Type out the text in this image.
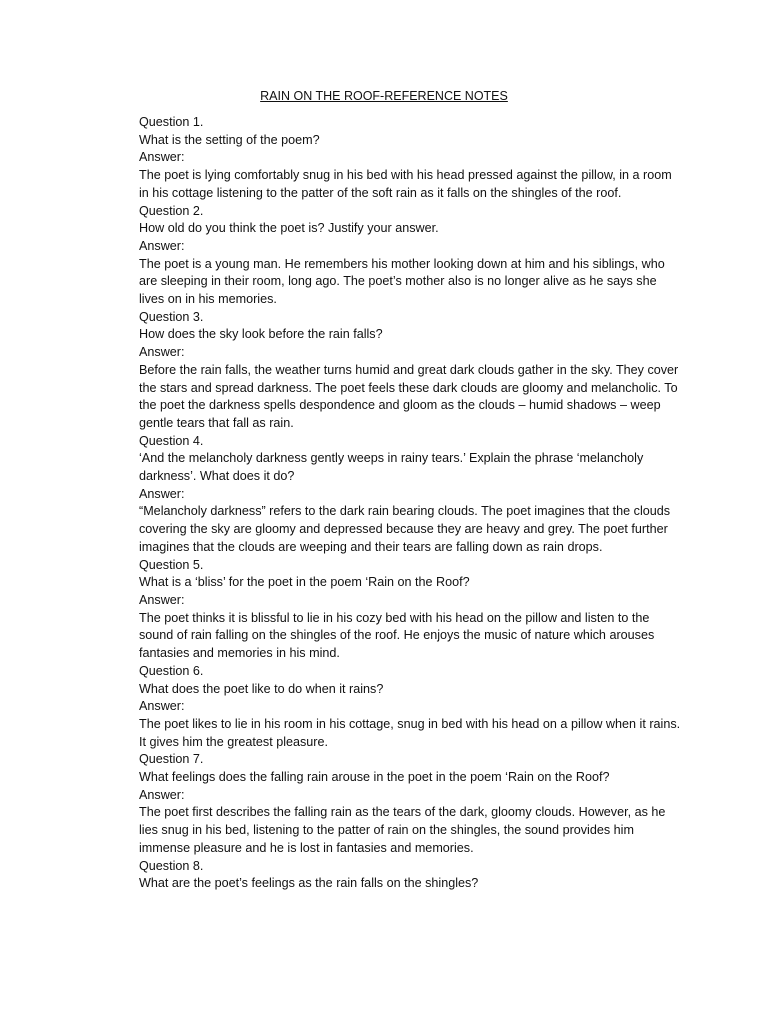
RAIN ON THE ROOF-REFERENCE NOTES

Question 1.

What is the setting of the poem?

Answer:

The poet is lying comfortably snug in his bed with his head pressed against the pillow, in a room in his cottage listening to the patter of the soft rain as it falls on the shingles of the roof.

Question 2.

How old do you think the poet is? Justify your answer.

Answer:

The poet is a young man. He remembers his mother looking down at him and his siblings, who are sleeping in their room, long ago. The poet’s mother also is no longer alive as he says she lives on in his memories.

Question 3.

How does the sky look before the rain falls?

Answer:

Before the rain falls, the weather turns humid and great dark clouds gather in the sky. They cover the stars and spread darkness. The poet feels these dark clouds are gloomy and melancholic. To the poet the darkness spells despondence and gloom as the clouds – humid shadows – weep gentle tears that fall as rain.

Question 4.

‘And the melancholy darkness gently weeps in rainy tears.’ Explain the phrase ‘melancholy darkness’. What does it do?

Answer:

“Melancholy darkness” refers to the dark rain bearing clouds. The poet imagines that the clouds covering the sky are gloomy and depressed because they are heavy and grey. The poet further imagines that the clouds are weeping and their tears are falling down as rain drops.

Question 5.

What is a ‘bliss’ for the poet in the poem ‘Rain on the Roof?

Answer:

The poet thinks it is blissful to lie in his cozy bed with his head on the pillow and listen to the sound of rain falling on the shingles of the roof. He enjoys the music of nature which arouses fantasies and memories in his mind.

Question 6.

What does the poet like to do when it rains?

Answer:

The poet likes to lie in his room in his cottage, snug in bed with his head on a pillow when it rains. It gives him the greatest pleasure.

Question 7.

What feelings does the falling rain arouse in the poet in the poem ‘Rain on the Roof?

Answer:

The poet first describes the falling rain as the tears of the dark, gloomy clouds. However, as he lies snug in his bed, listening to the patter of rain on the shingles, the sound provides him immense pleasure and he is lost in fantasies and memories.

Question 8.

What are the poet’s feelings as the rain falls on the shingles?
